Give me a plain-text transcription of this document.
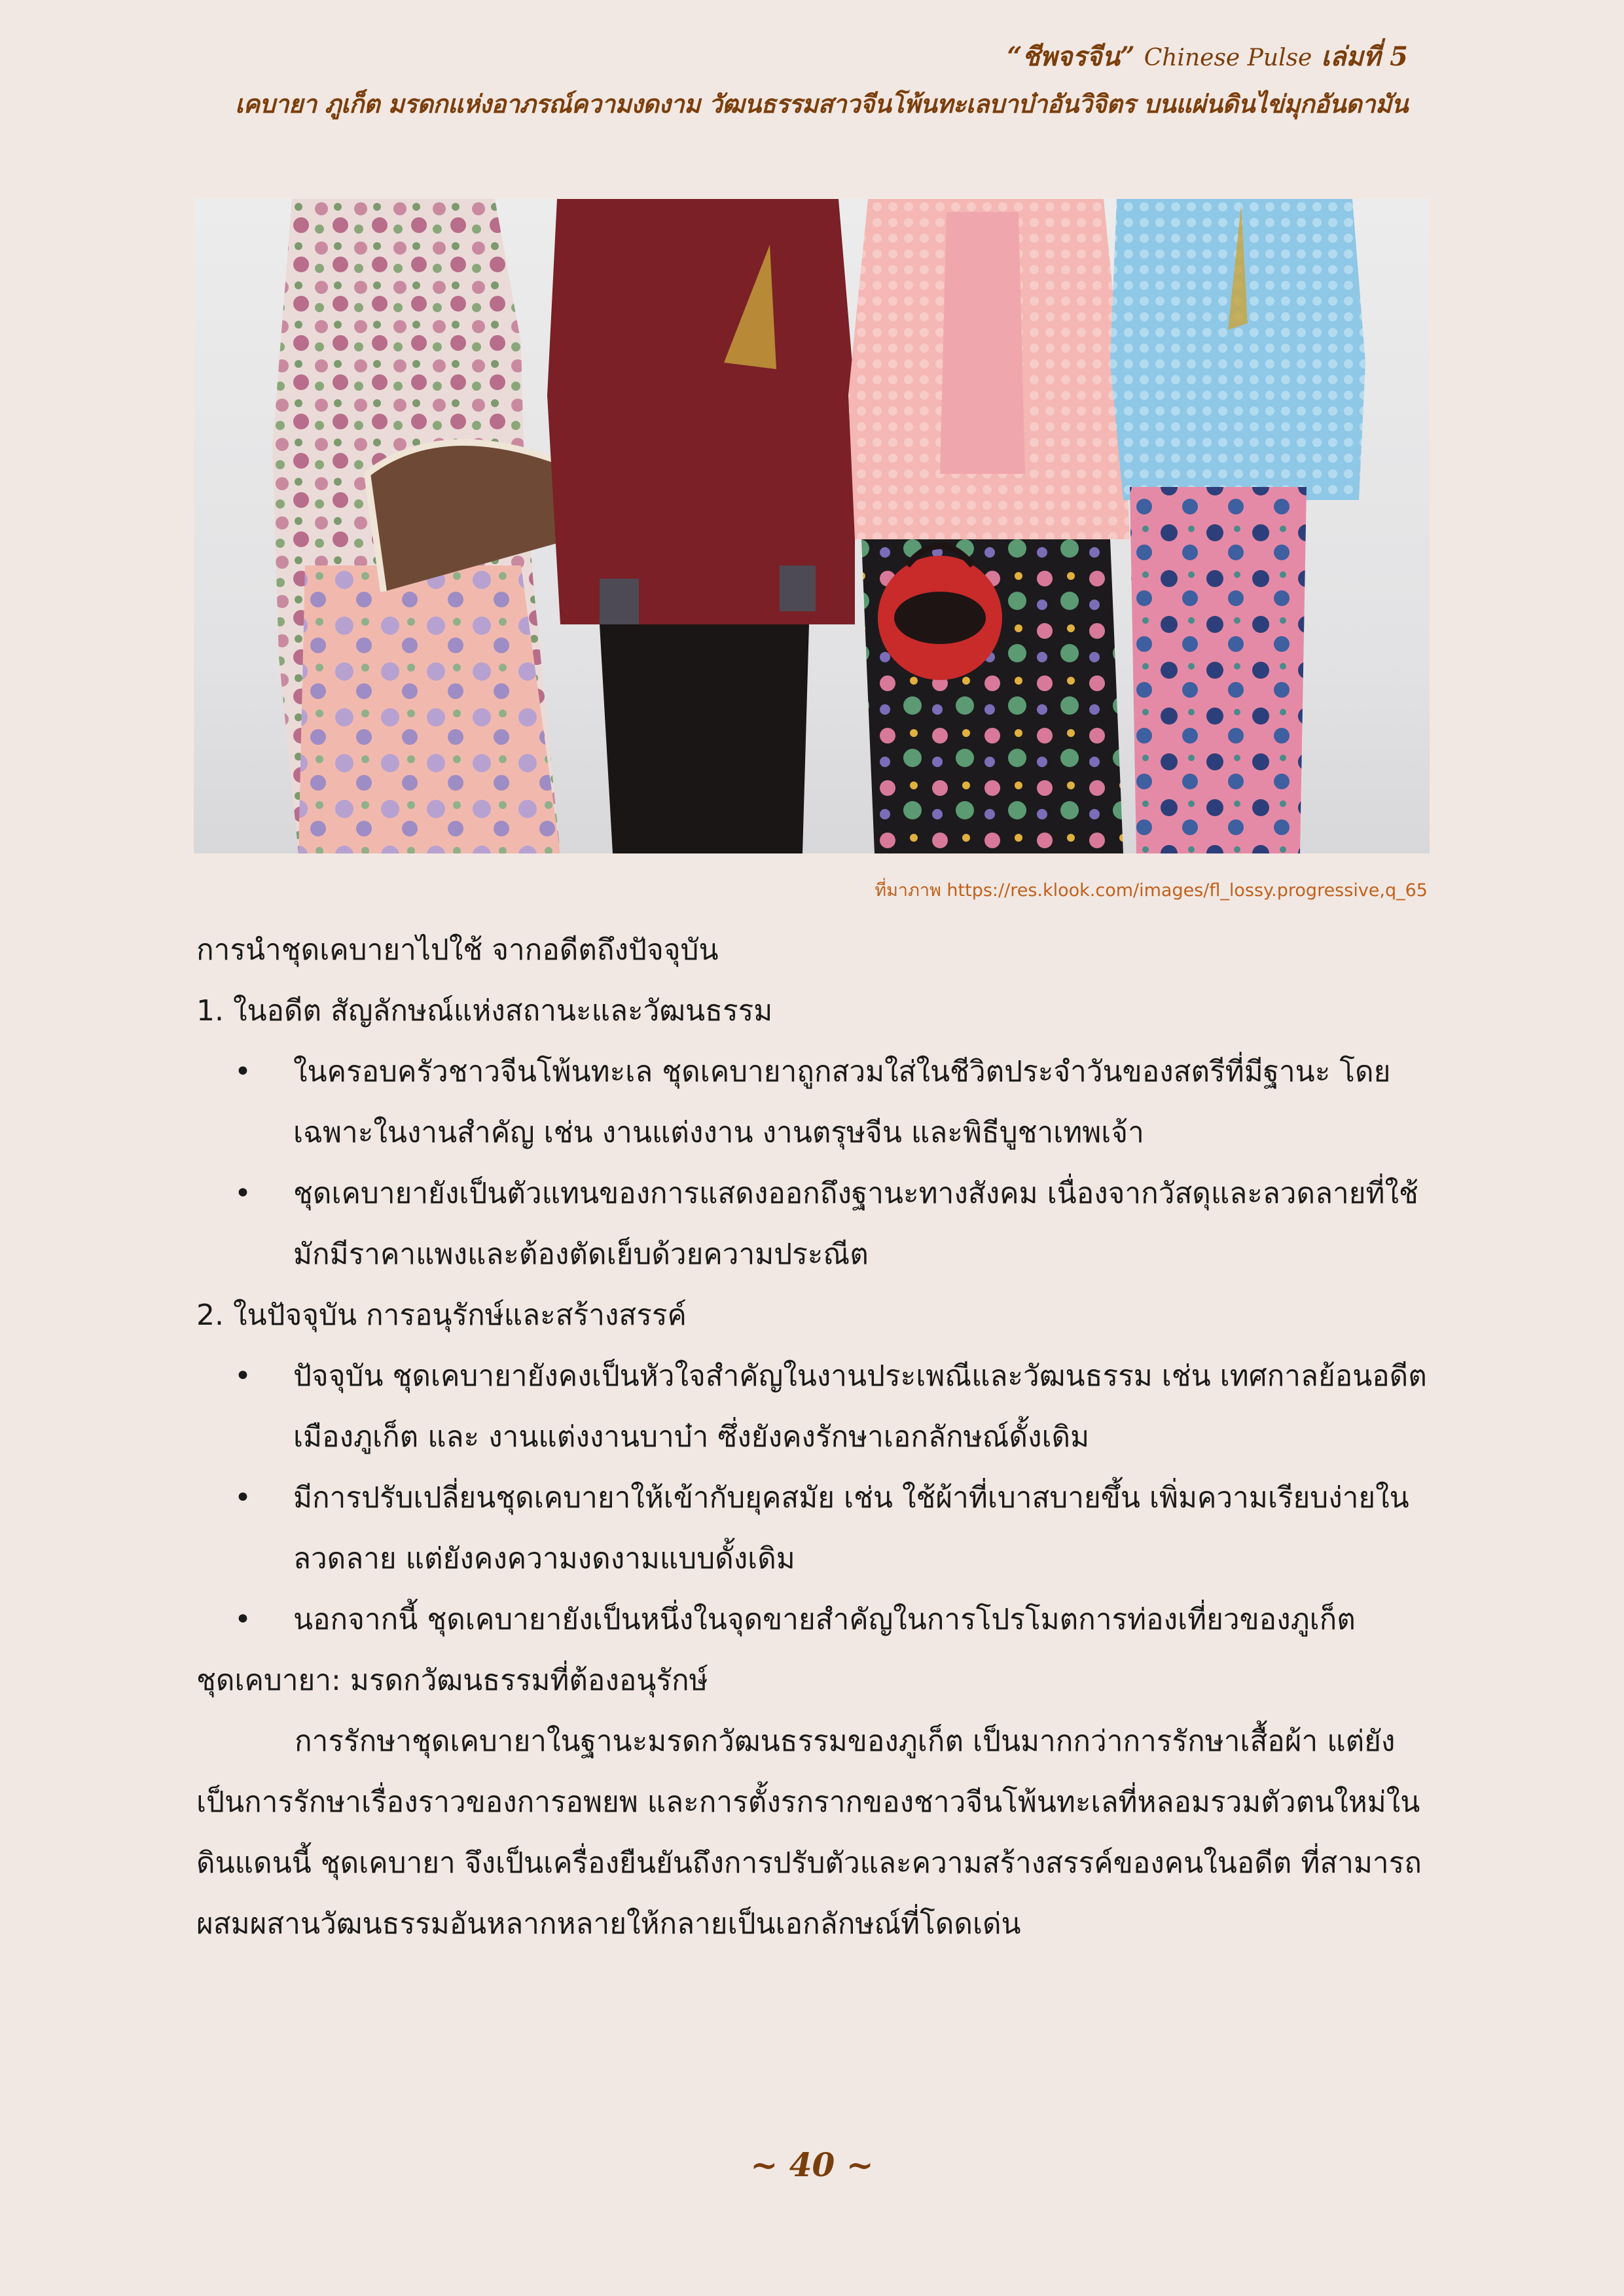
“ชีพจรจีน” Chinese Pulse เล่มที่ 5
เคบายา ภูเก็ต มรดกแห่งอาภรณ์ความงดงาม วัฒนธรรมสาวจีนโพ้นทะเลบาบ๋าอันวิจิตร บนแผ่นดินไข่มุกอันดามัน
ที่มาภาพ https://res.klook.com/images/fl_lossy.progressive,q_65

การนำชุดเคบายาไปใช้ จากอดีตถึงปัจจุบัน

1. ในอดีต สัญลักษณ์แห่งสถานะและวัฒนธรรม

• ในครอบครัวชาวจีนโพ้นทะเล ชุดเคบายาถูกสวมใส่ในชีวิตประจำวันของสตรีที่มีฐานะ โดยเฉพาะในงานสำคัญ เช่น งานแต่งงาน งานตรุษจีน และพิธีบูชาเทพเจ้า

• ชุดเคบายายังเป็นตัวแทนของการแสดงออกถึงฐานะทางสังคม เนื่องจากวัสดุและลวดลายที่ใช้มักมีราคาแพงและต้องตัดเย็บด้วยความประณีต

2. ในปัจจุบัน การอนุรักษ์และสร้างสรรค์

• ปัจจุบัน ชุดเคบายายังคงเป็นหัวใจสำคัญในงานประเพณีและวัฒนธรรม เช่น เทศกาลย้อนอดีตเมืองภูเก็ต และ งานแต่งงานบาบ๋า ซึ่งยังคงรักษาเอกลักษณ์ดั้งเดิม

• มีการปรับเปลี่ยนชุดเคบายาให้เข้ากับยุคสมัย เช่น ใช้ผ้าที่เบาสบายขึ้น เพิ่มความเรียบง่ายในลวดลาย แต่ยังคงความงดงามแบบดั้งเดิม

• นอกจากนี้ ชุดเคบายายังเป็นหนึ่งในจุดขายสำคัญในการโปรโมตการท่องเที่ยวของภูเก็ต

ชุดเคบายา: มรดกวัฒนธรรมที่ต้องอนุรักษ์

การรักษาชุดเคบายาในฐานะมรดกวัฒนธรรมของภูเก็ต เป็นมากกว่าการรักษาเสื้อผ้า แต่ยังเป็นการรักษาเรื่องราวของการอพยพ และการตั้งรกรากของชาวจีนโพ้นทะเลที่หลอมรวมตัวตนใหม่ในดินแดนนี้ ชุดเคบายา จึงเป็นเครื่องยืนยันถึงการปรับตัวและความสร้างสรรค์ของคนในอดีต ที่สามารถผสมผสานวัฒนธรรมอันหลากหลายให้กลายเป็นเอกลักษณ์ที่โดดเด่น

~ 40 ~
